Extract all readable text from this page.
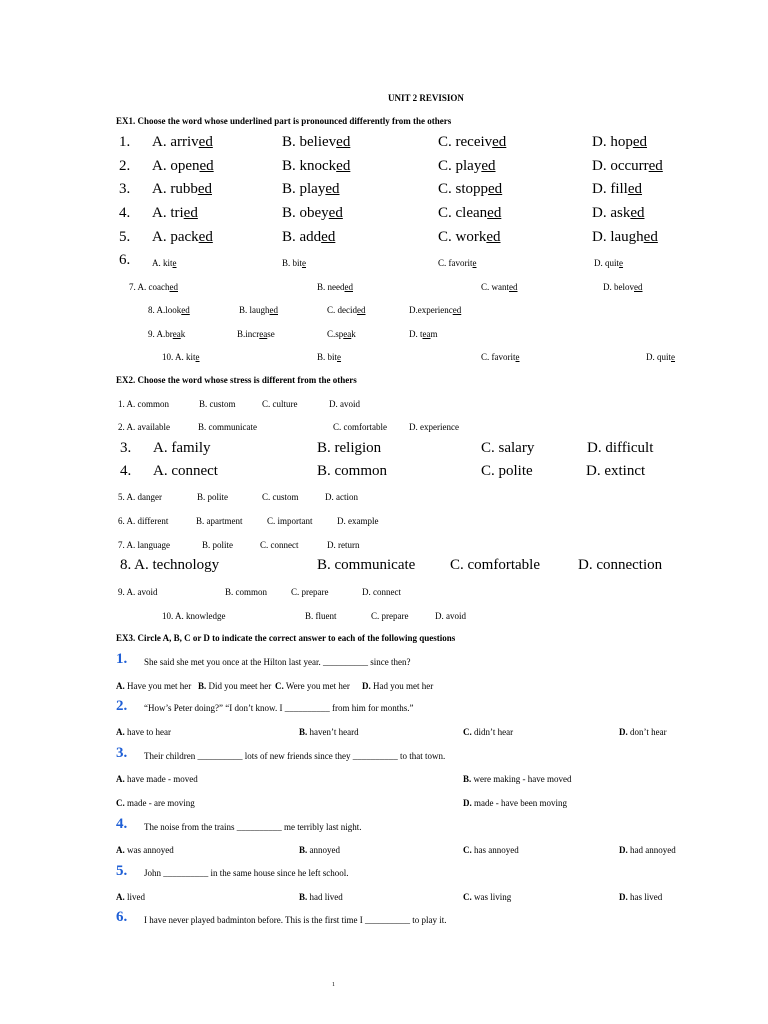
UNIT 2 REVISION
EX1. Choose the word whose underlined part is pronounced differently from the others
1. A. arrived	B. believed	C. received	D. hoped
2. A. opened	B. knocked	C. played	D. occurred
3. A. rubbed	B. played	C. stopped	D. filled
4. A. tried	B. obeyed	C. cleaned	D. asked
5. A. packed	B. added	C. worked	D. laughed
6. A. kite	B. bite	C. favorite	D. quite
7. A. coached	B. needed	C. wanted	D. beloved
8. A.looked	B. laughed	C. decided	D.experienced
9. A.break	B.increase	C.speak	D. team
10. A. kite	B. bite	C. favorite	D. quite
EX2. Choose the word whose stress is different from the others
1. A. common	B. custom	C. culture	D. avoid
2. A. available	B. communicate	C. comfortable D. experience
3. A. family	B. religion	C. salary	D. difficult
4. A. connect	B. common	C. polite	D. extinct
5. A. danger	B. polite	C. custom	D. action
6. A. different	B. apartment	C. important	D. example
7. A. language	B. polite	C. connect	D. return
8. A. technology	B. communicate C. comfortable	D. connection
9. A. avoid	B. common	C. prepare	D. connect
10. A. knowledge	B. fluent	C. prepare	D. avoid
EX3. Circle A, B, C or D to indicate the correct answer to each of the following questions
1. She said she met you once at the Hilton last year. __________ since then?
A. Have you met her B. Did you meet her C. Were you met her D. Had you met her
2. “How’s Peter doing?” “I don’t know. I __________ from him for months.”
A. have to hear	B. haven’t heard	C. didn’t hear	D. don’t hear
3. Their children __________ lots of new friends since they __________ to that town.
A. have made - moved	B. were making - have moved
C. made - are moving	D. made - have been moving
4. The noise from the trains __________ me terribly last night.
A. was annoyed	B. annoyed	C. has annoyed	D. had annoyed
5. John __________ in the same house since he left school.
A. lived	B. had lived	C. was living	D. has lived
6. I have never played badminton before. This is the first time I __________ to play it.
1
